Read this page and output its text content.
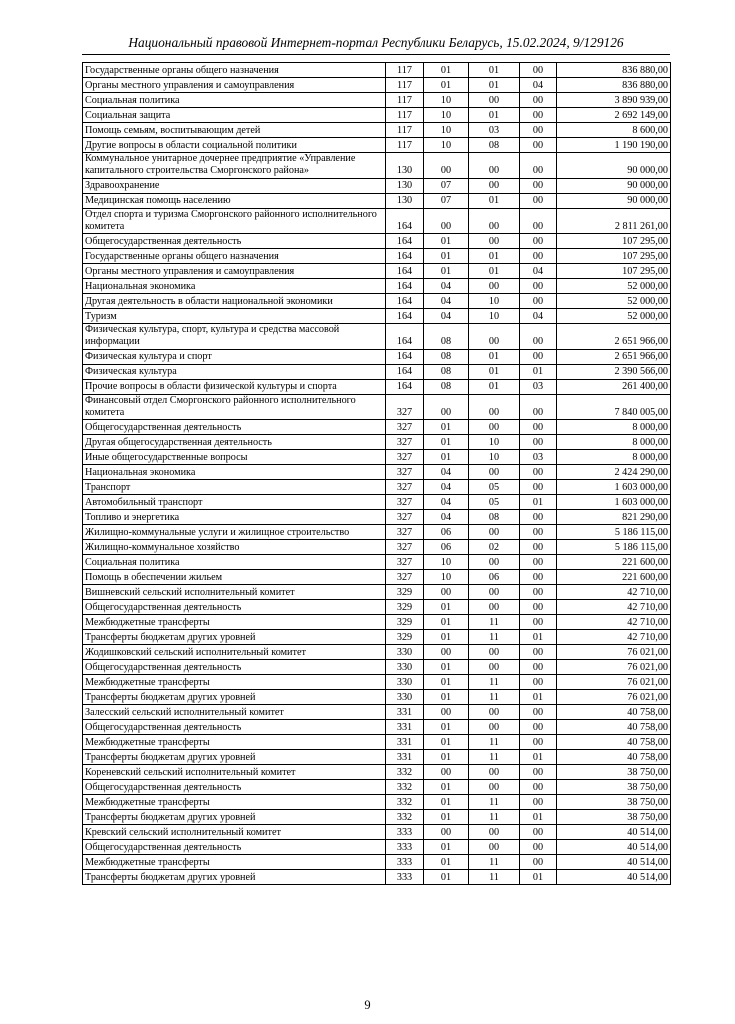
Национальный правовой Интернет-портал Республики Беларусь, 15.02.2024, 9/129126
Государственные органы общего назначения	117	01	01	00	836 880,00
Органы местного управления и самоуправления	117	01	01	04	836 880,00
Социальная политика	117	10	00	00	3 890 939,00
Социальная защита	117	10	01	00	2 692 149,00
Помощь семьям, воспитывающим детей	117	10	03	00	8 600,00
Другие вопросы в области социальной политики	117	10	08	00	1 190 190,00
Коммунальное унитарное дочернее предприятие «Управление капитального строительства Сморгонского района»	130	00	00	00	90 000,00
Здравоохранение	130	07	00	00	90 000,00
Медицинская помощь населению	130	07	01	00	90 000,00
Отдел спорта и туризма Сморгонского районного исполнительного комитета	164	00	00	00	2 811 261,00
Общегосударственная деятельность	164	01	00	00	107 295,00
Государственные органы общего назначения	164	01	01	00	107 295,00
Органы местного управления и самоуправления	164	01	01	04	107 295,00
Национальная экономика	164	04	00	00	52 000,00
Другая деятельность в области национальной экономики	164	04	10	00	52 000,00
Туризм	164	04	10	04	52 000,00
Физическая культура, спорт, культура и средства массовой информации	164	08	00	00	2 651 966,00
Физическая культура и спорт	164	08	01	00	2 651 966,00
Физическая культура	164	08	01	01	2 390 566,00
Прочие вопросы в области физической культуры и спорта	164	08	01	03	261 400,00
Финансовый отдел Сморгонского районного исполнительного комитета	327	00	00	00	7 840 005,00
Общегосударственная деятельность	327	01	00	00	8 000,00
Другая общегосударственная деятельность	327	01	10	00	8 000,00
Иные общегосударственные вопросы	327	01	10	03	8 000,00
Национальная экономика	327	04	00	00	2 424 290,00
Транспорт	327	04	05	00	1 603 000,00
Автомобильный транспорт	327	04	05	01	1 603 000,00
Топливо и энергетика	327	04	08	00	821 290,00
Жилищно-коммунальные услуги и жилищное строительство	327	06	00	00	5 186 115,00
Жилищно-коммунальное хозяйство	327	06	02	00	5 186 115,00
Социальная политика	327	10	00	00	221 600,00
Помощь в обеспечении жильем	327	10	06	00	221 600,00
Вишневский сельский исполнительный комитет	329	00	00	00	42 710,00
Общегосударственная деятельность	329	01	00	00	42 710,00
Межбюджетные трансферты	329	01	11	00	42 710,00
Трансферты бюджетам других уровней	329	01	11	01	42 710,00
Жодишковский сельский исполнительный комитет	330	00	00	00	76 021,00
Общегосударственная деятельность	330	01	00	00	76 021,00
Межбюджетные трансферты	330	01	11	00	76 021,00
Трансферты бюджетам других уровней	330	01	11	01	76 021,00
Залесский сельский исполнительный комитет	331	00	00	00	40 758,00
Общегосударственная деятельность	331	01	00	00	40 758,00
Межбюджетные трансферты	331	01	11	00	40 758,00
Трансферты бюджетам других уровней	331	01	11	01	40 758,00
Кореневский сельский исполнительный комитет	332	00	00	00	38 750,00
Общегосударственная деятельность	332	01	00	00	38 750,00
Межбюджетные трансферты	332	01	11	00	38 750,00
Трансферты бюджетам других уровней	332	01	11	01	38 750,00
Кревский сельский исполнительный комитет	333	00	00	00	40 514,00
Общегосударственная деятельность	333	01	00	00	40 514,00
Межбюджетные трансферты	333	01	11	00	40 514,00
Трансферты бюджетам других уровней	333	01	11	01	40 514,00
9
